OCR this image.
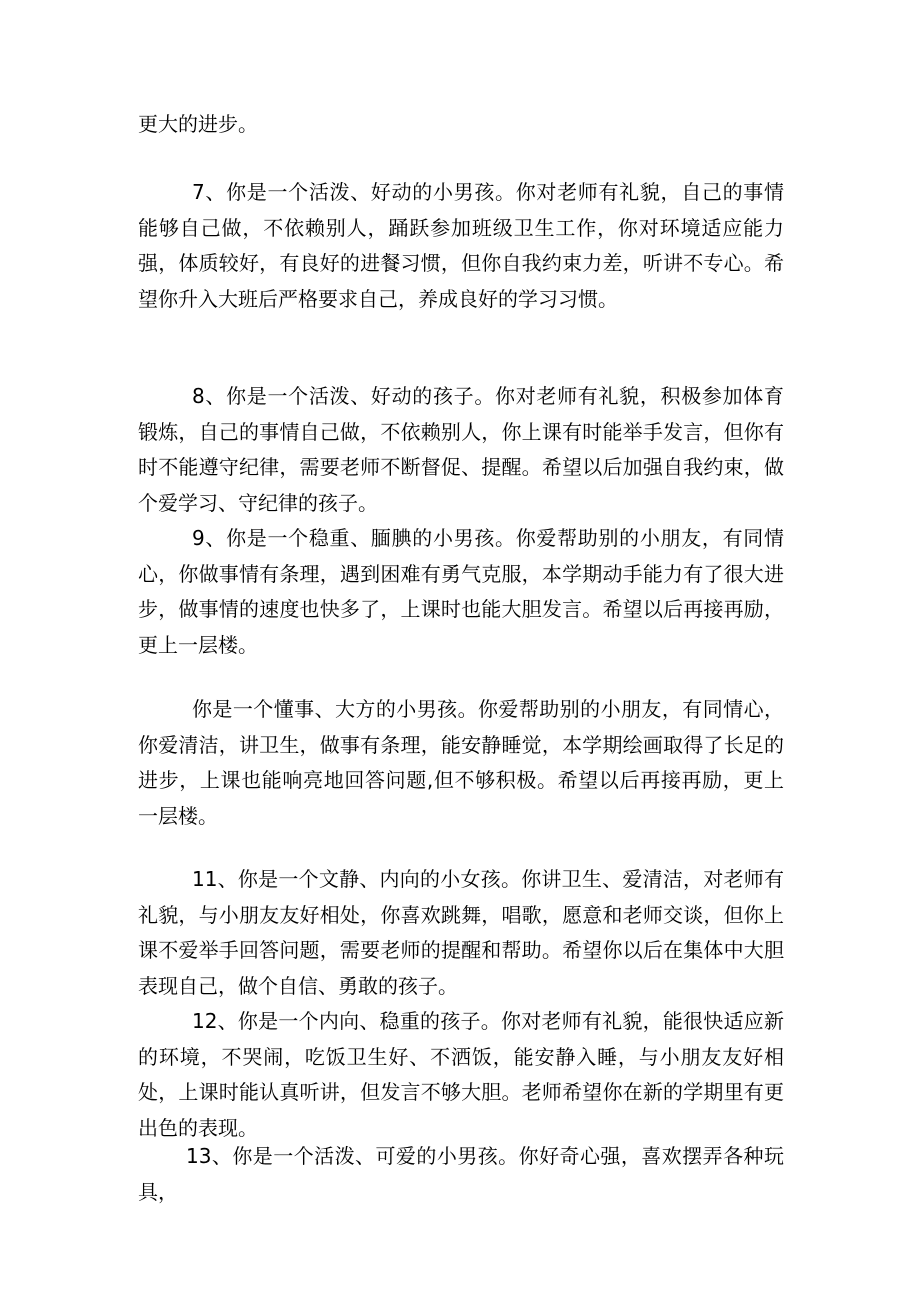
更大的进步。

7、你是一个活泼、好动的小男孩。你对老师有礼貌，自己的事情能够自己做，不依赖别人，踊跃参加班级卫生工作，你对环境适应能力强，体质较好，有良好的进餐习惯，但你自我约束力差，听讲不专心。希望你升入大班后严格要求自己，养成良好的学习习惯。

8、你是一个活泼、好动的孩子。你对老师有礼貌，积极参加体育锻炼，自己的事情自己做，不依赖别人，你上课有时能举手发言，但你有时不能遵守纪律，需要老师不断督促、提醒。希望以后加强自我约束，做个爱学习、守纪律的孩子。

9、你是一个稳重、腼腆的小男孩。你爱帮助别的小朋友，有同情心，你做事情有条理，遇到困难有勇气克服，本学期动手能力有了很大进步，做事情的速度也快多了，上课时也能大胆发言。希望以后再接再励，更上一层楼。

你是一个懂事、大方的小男孩。你爱帮助别的小朋友，有同情心，你爱清洁，讲卫生，做事有条理，能安静睡觉，本学期绘画取得了长足的进步，上课也能响亮地回答问题,但不够积极。希望以后再接再励，更上一层楼。

11、你是一个文静、内向的小女孩。你讲卫生、爱清洁，对老师有礼貌，与小朋友友好相处，你喜欢跳舞，唱歌，愿意和老师交谈，但你上课不爱举手回答问题，需要老师的提醒和帮助。希望你以后在集体中大胆表现自己，做个自信、勇敢的孩子。

12、你是一个内向、稳重的孩子。你对老师有礼貌，能很快适应新的环境，不哭闹，吃饭卫生好、不洒饭，能安静入睡，与小朋友友好相处，上课时能认真听讲，但发言不够大胆。老师希望你在新的学期里有更出色的表现。

13、你是一个活泼、可爱的小男孩。你好奇心强，喜欢摆弄各种玩具，
